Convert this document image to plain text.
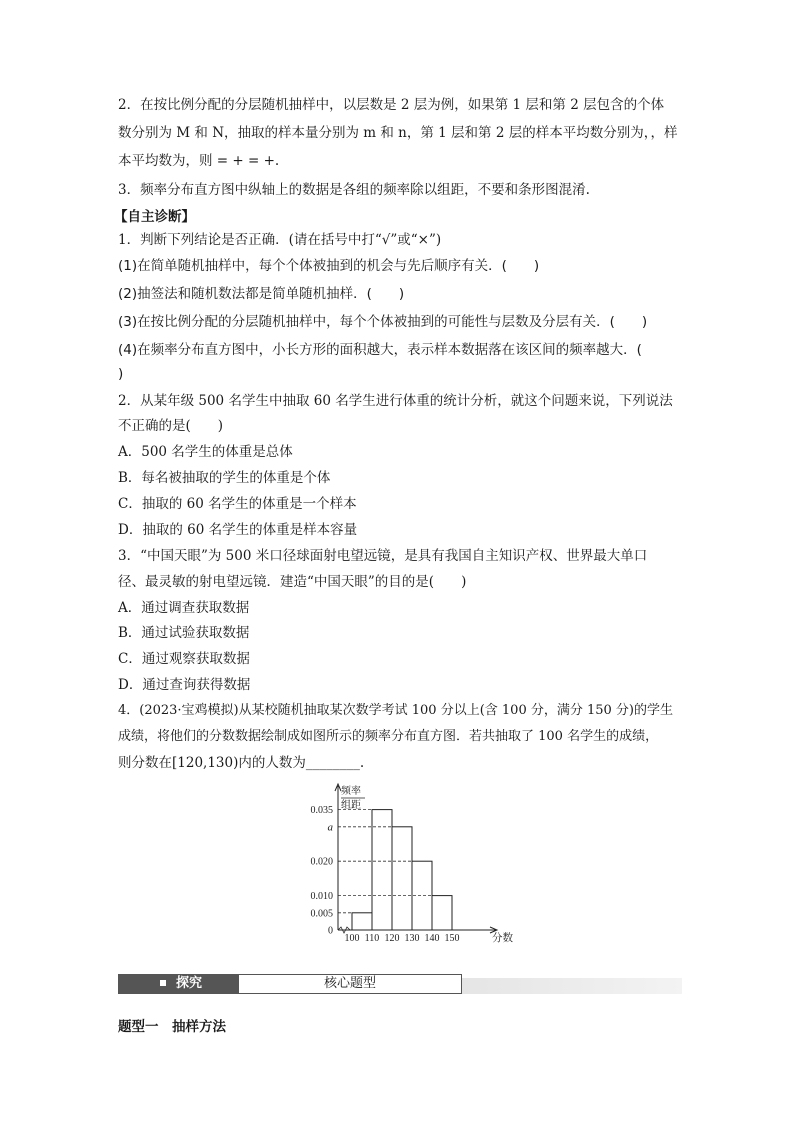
2．在按比例分配的分层随机抽样中，以层数是 2 层为例，如果第 1 层和第 2 层包含的个体
数分别为 M 和 N，抽取的样本量分别为 m 和 n，第 1 层和第 2 层的样本平均数分别为，，样
本平均数为，则 = + = +.
3．频率分布直方图中纵轴上的数据是各组的频率除以组距，不要和条形图混淆.
【自主诊断】
1．判断下列结论是否正确．(请在括号中打“√”或“×”)
(1)在简单随机抽样中，每个个体被抽到的机会与先后顺序有关．(　　)
(2)抽签法和随机数法都是简单随机抽样．(　　)
(3)在按比例分配的分层随机抽样中，每个个体被抽到的可能性与层数及分层有关．(　　)
(4)在频率分布直方图中，小长方形的面积越大，表示样本数据落在该区间的频率越大．(
)
2．从某年级 500 名学生中抽取 60 名学生进行体重的统计分析，就这个问题来说，下列说法
不正确的是(　　)
A．500 名学生的体重是总体
B．每名被抽取的学生的体重是个体
C．抽取的 60 名学生的体重是一个样本
D．抽取的 60 名学生的体重是样本容量
3．“中国天眼”为 500 米口径球面射电望远镜，是具有我国自主知识产权、世界最大单口
径、最灵敏的射电望远镜．建造“中国天眼”的目的是(　　)
A．通过调查获取数据
B．通过试验获取数据
C．通过观察获取数据
D．通过查询获得数据
4．(2023·宝鸡模拟)从某校随机抽取某次数学考试 100 分以上(含 100 分，满分 150 分)的学生
成绩，将他们的分数数据绘制成如图所示的频率分布直方图．若共抽取了 100 名学生的成绩，
则分数在[120,130)内的人数为________.
0
0.005
0.010
0.020
a
0.035
100 110 120 130 140 150	分数
频率
组距
探究	核心题型
题型一　抽样方法
